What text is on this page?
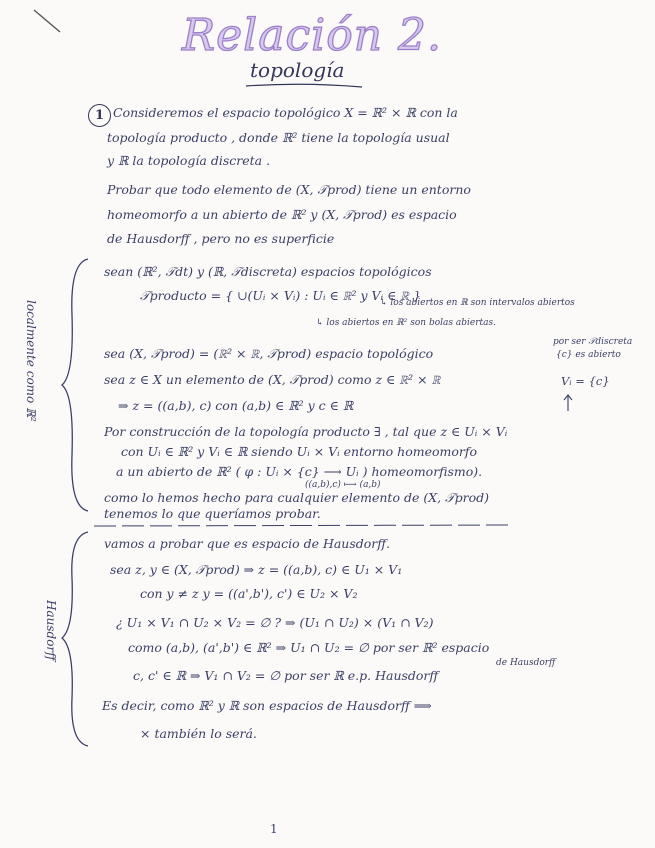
Relación 2.
topología
1 Consideremos el espacio topológico X = ℝ² × ℝ con la
topología producto , donde ℝ² tiene la topología usual
y ℝ la topología discreta .
Probar que todo elemento de (X, 𝒯prod) tiene un entorno
homeomorfo a un abierto de ℝ² y (X, 𝒯prod) es espacio
de Hausdorff , pero no es superficie
localmente como ℝ²
sean (ℝ², 𝒯dt) y (ℝ, 𝒯discreta) espacios topológicos
𝒯producto = { ∪(Uᵢ × Vᵢ) : Uᵢ ∈ ℝ² y Vᵢ ∈ ℝ }
↳ los abiertos en ℝ son intervalos abiertos
↳ los abiertos en ℝ² son bolas abiertas.
sea (X, 𝒯prod) = (ℝ² × ℝ, 𝒯prod) espacio topológico
por ser 𝒯discreta
{c} es abierto
Vᵢ = {c}
sea z ∈ X un elemento de (X, 𝒯prod) como z ∈ ℝ² × ℝ
⇒ z = ((a,b), c) con (a,b) ∈ ℝ² y c ∈ ℝ
Por construcción de la topología producto ∃ , tal que z ∈ Uᵢ × Vᵢ
con Uᵢ ∈ ℝ² y Vᵢ ∈ ℝ siendo Uᵢ × Vᵢ entorno homeomorfo
a un abierto de ℝ² ( φ : Uᵢ × {c} ⟶ Uᵢ ) homeomorfismo).
((a,b),c) ⟼ (a,b)
como lo hemos hecho para cualquier elemento de (X, 𝒯prod)
tenemos lo que queríamos probar.
Hausdorff
vamos a probar que es espacio de Hausdorff.
sea z, y ∈ (X, 𝒯prod) ⇒ z = ((a,b), c) ∈ U₁ × V₁
con y ≠ z y = ((a',b'), c') ∈ U₂ × V₂
¿ U₁ × V₁ ∩ U₂ × V₂ = ∅ ? ⇒ (U₁ ∩ U₂) × (V₁ ∩ V₂)
como (a,b), (a',b') ∈ ℝ² ⇒ U₁ ∩ U₂ = ∅ por ser ℝ² espacio
de Hausdorff
c, c' ∈ ℝ ⇒ V₁ ∩ V₂ = ∅ por ser ℝ e.p. Hausdorff
Es decir, como ℝ² y ℝ son espacios de Hausdorff ⟹
× también lo será.
1
